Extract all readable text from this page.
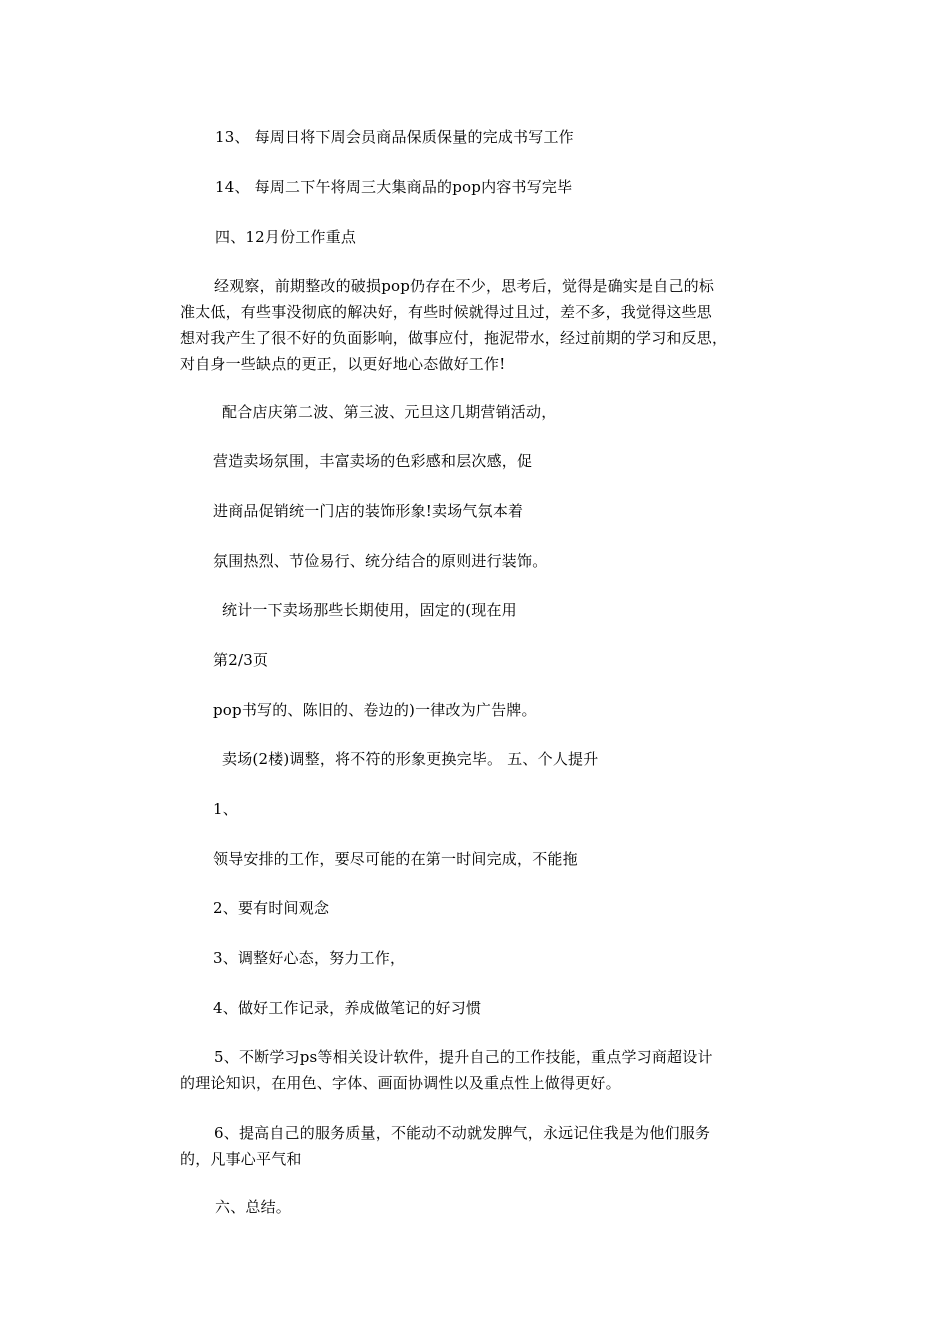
13、 每周日将下周会员商品保质保量的完成书写工作
14、 每周二下午将周三大集商品的pop内容书写完毕
四、12月份工作重点
经观察，前期整改的破损pop仍存在不少，思考后，觉得是确实是自己的标
准太低，有些事没彻底的解决好，有些时候就得过且过，差不多，我觉得这些思
想对我产生了很不好的负面影响，做事应付，拖泥带水，经过前期的学习和反思，
对自身一些缺点的更正，以更好地心态做好工作!
配合店庆第二波、第三波、元旦这几期营销活动，
营造卖场氛围，丰富卖场的色彩感和层次感，促
进商品促销统一门店的装饰形象!卖场气氛本着
氛围热烈、节俭易行、统分结合的原则进行装饰。
统计一下卖场那些长期使用，固定的(现在用
第2/3页
pop书写的、陈旧的、卷边的)一律改为广告牌。
卖场(2楼)调整，将不符的形象更换完毕。 五、个人提升
1、
领导安排的工作，要尽可能的在第一时间完成，不能拖
2、要有时间观念
3、调整好心态，努力工作，
4、做好工作记录，养成做笔记的好习惯
5、不断学习ps等相关设计软件，提升自己的工作技能，重点学习商超设计
的理论知识，在用色、字体、画面协调性以及重点性上做得更好。
6、提高自己的服务质量，不能动不动就发脾气，永远记住我是为他们服务
的，凡事心平气和
六、总结。
